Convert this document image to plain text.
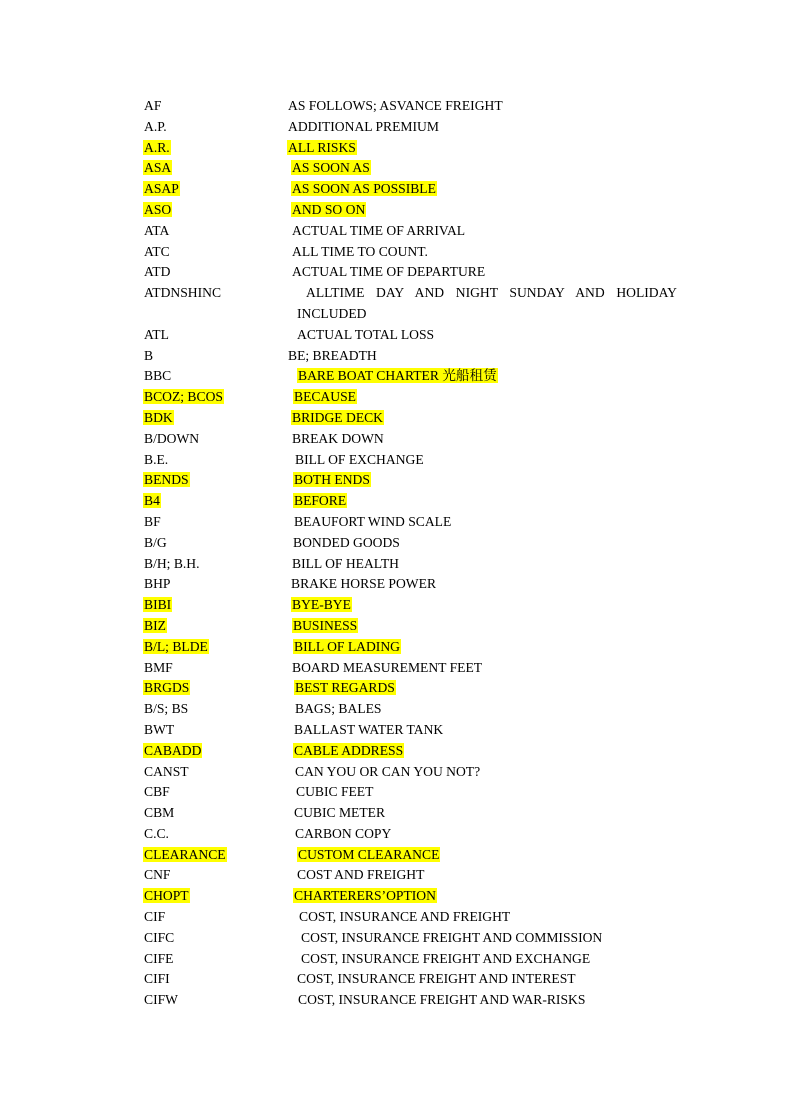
AF	AS FOLLOWS; ASVANCE FREIGHT
A.P.	ADDITIONAL PREMIUM
A.R.	ALL RISKS
ASA	AS SOON AS
ASAP	AS SOON AS POSSIBLE
ASO	AND SO ON
ATA	ACTUAL TIME OF ARRIVAL
ATC	ALL TIME TO COUNT.
ATD	ACTUAL TIME OF DEPARTURE
ATDNSHINC	ALLTIME DAY AND NIGHT SUNDAY AND HOLIDAY INCLUDED
ATL	ACTUAL TOTAL LOSS
B	BE; BREADTH
BBC	BARE BOAT CHARTER 光船租赁
BCOZ; BCOS	BECAUSE
BDK	BRIDGE DECK
B/DOWN	BREAK DOWN
B.E.	BILL OF EXCHANGE
BENDS	BOTH ENDS
B4	BEFORE
BF	BEAUFORT WIND SCALE
B/G	BONDED GOODS
B/H; B.H.	BILL OF HEALTH
BHP	BRAKE HORSE POWER
BIBI	BYE-BYE
BIZ	BUSINESS
B/L; BLDE	BILL OF LADING
BMF	BOARD MEASUREMENT FEET
BRGDS	BEST REGARDS
B/S; BS	BAGS; BALES
BWT	BALLAST WATER TANK
CABADD	CABLE ADDRESS
CANST	CAN YOU OR CAN YOU NOT?
CBF	CUBIC FEET
CBM	CUBIC METER
C.C.	CARBON COPY
CLEARANCE	CUSTOM CLEARANCE
CNF	COST AND FREIGHT
CHOPT	CHARTERERS’OPTION
CIF	COST, INSURANCE AND FREIGHT
CIFC	COST, INSURANCE FREIGHT AND COMMISSION
CIFE	COST, INSURANCE FREIGHT AND EXCHANGE
CIFI	COST, INSURANCE FREIGHT AND INTEREST
CIFW	COST, INSURANCE FREIGHT AND WAR-RISKS
